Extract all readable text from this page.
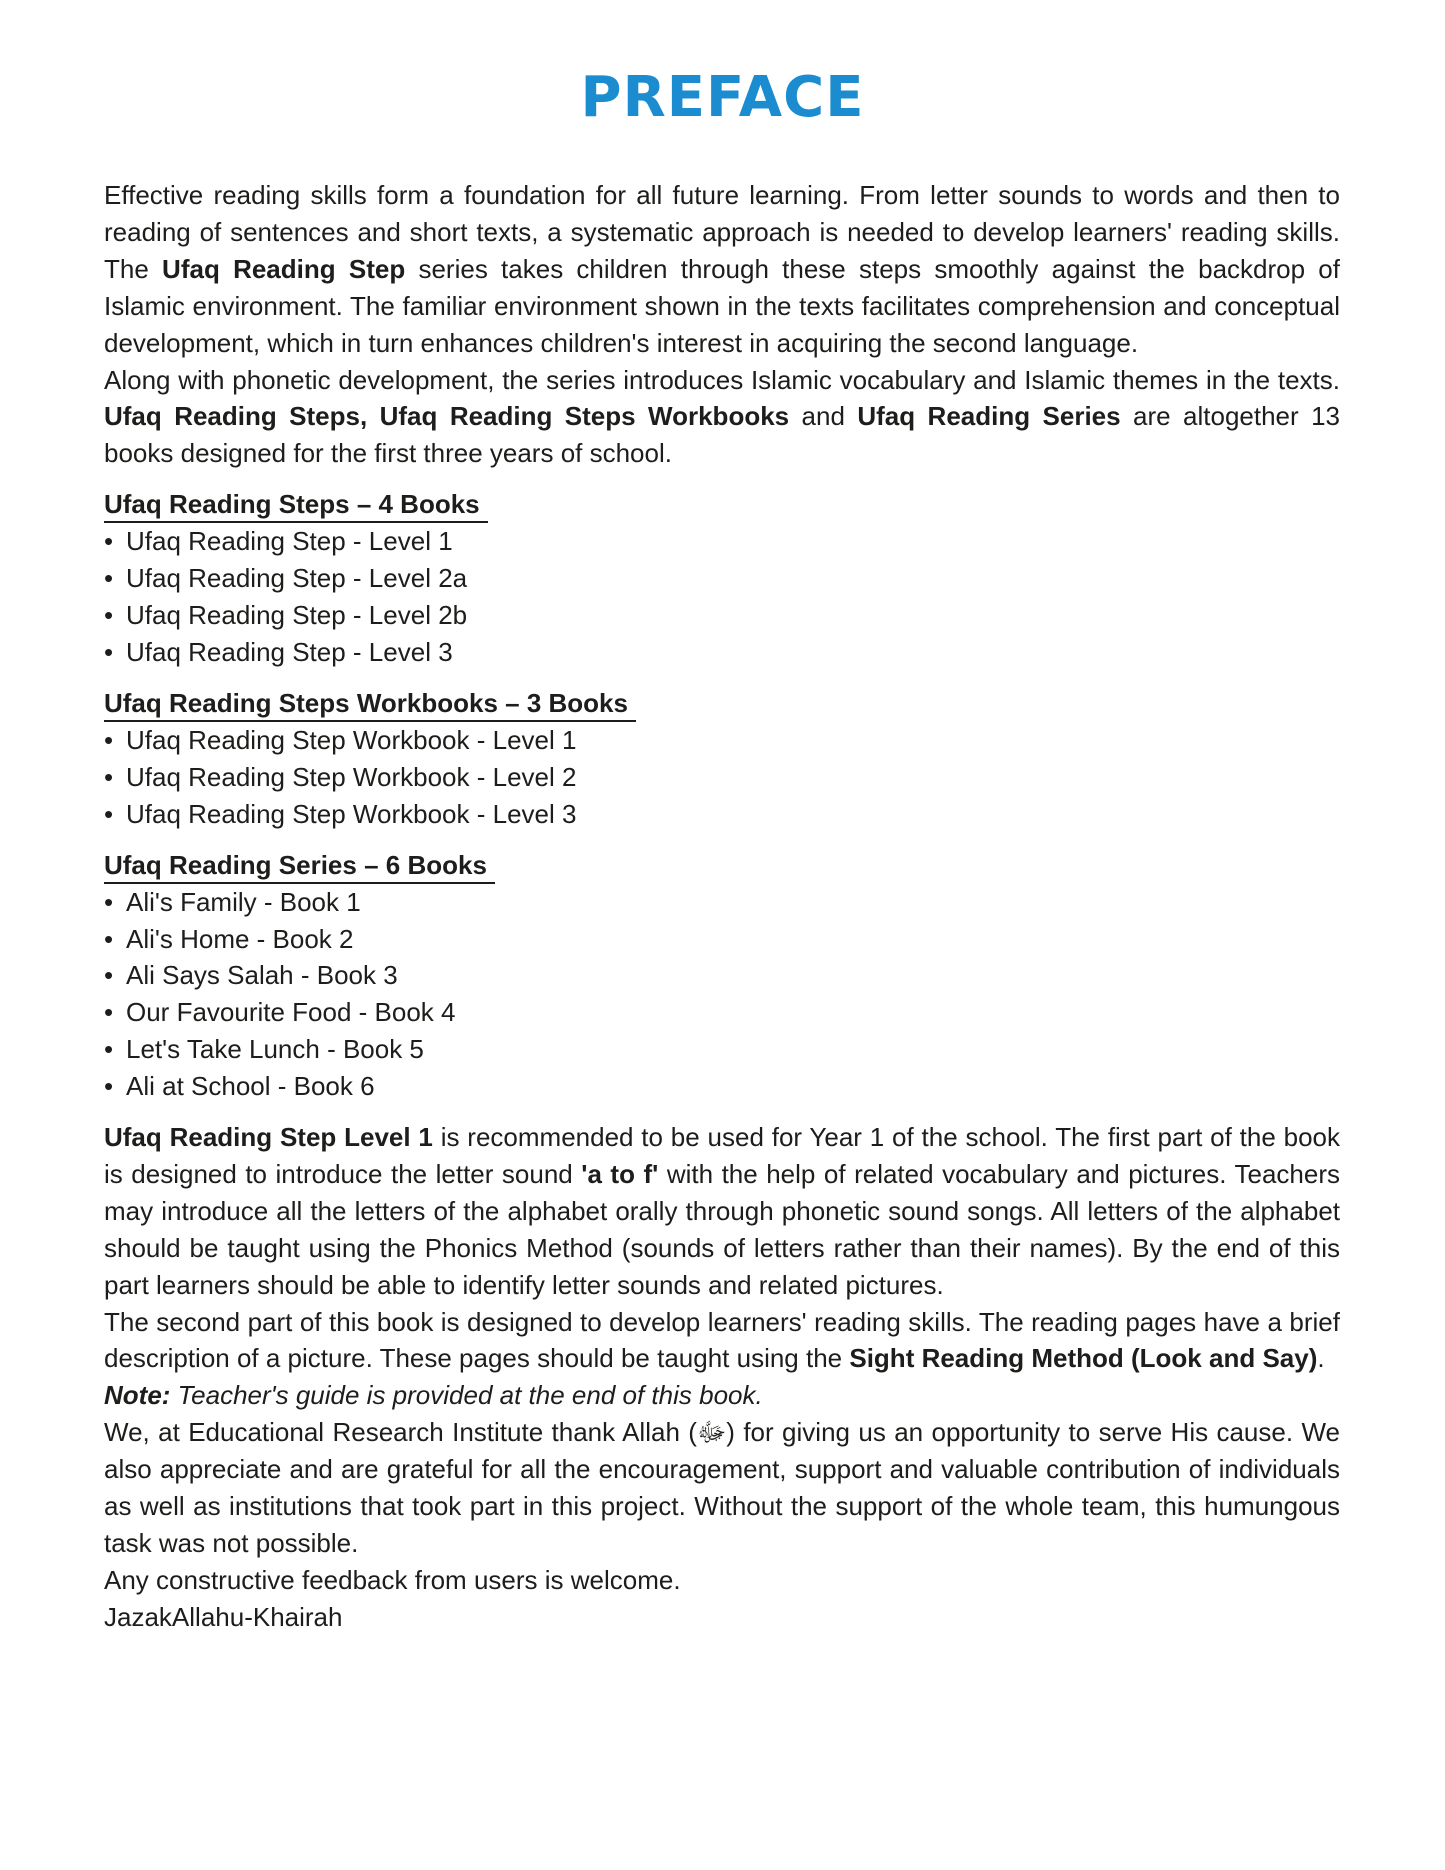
PREFACE

Effective reading skills form a foundation for all future learning. From letter sounds to words and then to reading of sentences and short texts, a systematic approach is needed to develop learners' reading skills. The Ufaq Reading Step series takes children through these steps smoothly against the backdrop of Islamic environment. The familiar environment shown in the texts facilitates comprehension and conceptual development, which in turn enhances children's interest in acquiring the second language.

Along with phonetic development, the series introduces Islamic vocabulary and Islamic themes in the texts. Ufaq Reading Steps, Ufaq Reading Steps Workbooks and Ufaq Reading Series are altogether 13 books designed for the first three years of school.

Ufaq Reading Steps – 4 Books
• Ufaq Reading Step - Level 1
• Ufaq Reading Step - Level 2a
• Ufaq Reading Step - Level 2b
• Ufaq Reading Step - Level 3
Ufaq Reading Steps Workbooks – 3 Books
• Ufaq Reading Step Workbook - Level 1
• Ufaq Reading Step Workbook - Level 2
• Ufaq Reading Step Workbook - Level 3
Ufaq Reading Series – 6 Books
• Ali's Family - Book 1
• Ali's Home - Book 2
• Ali Says Salah - Book 3
• Our Favourite Food - Book 4
• Let's Take Lunch - Book 5
• Ali at School - Book 6

Ufaq Reading Step Level 1 is recommended to be used for Year 1 of the school. The first part of the book is designed to introduce the letter sound 'a to f' with the help of related vocabulary and pictures. Teachers may introduce all the letters of the alphabet orally through phonetic sound songs. All letters of the alphabet should be taught using the Phonics Method (sounds of letters rather than their names). By the end of this part learners should be able to identify letter sounds and related pictures.

The second part of this book is designed to develop learners' reading skills. The reading pages have a brief description of a picture. These pages should be taught using the Sight Reading Method (Look and Say).

Note: Teacher's guide is provided at the end of this book.

We, at Educational Research Institute thank Allah (ﷻ) for giving us an opportunity to serve His cause. We also appreciate and are grateful for all the encouragement, support and valuable contribution of individuals as well as institutions that took part in this project. Without the support of the whole team, this humungous task was not possible.

Any constructive feedback from users is welcome.

JazakAllahu-Khairah
